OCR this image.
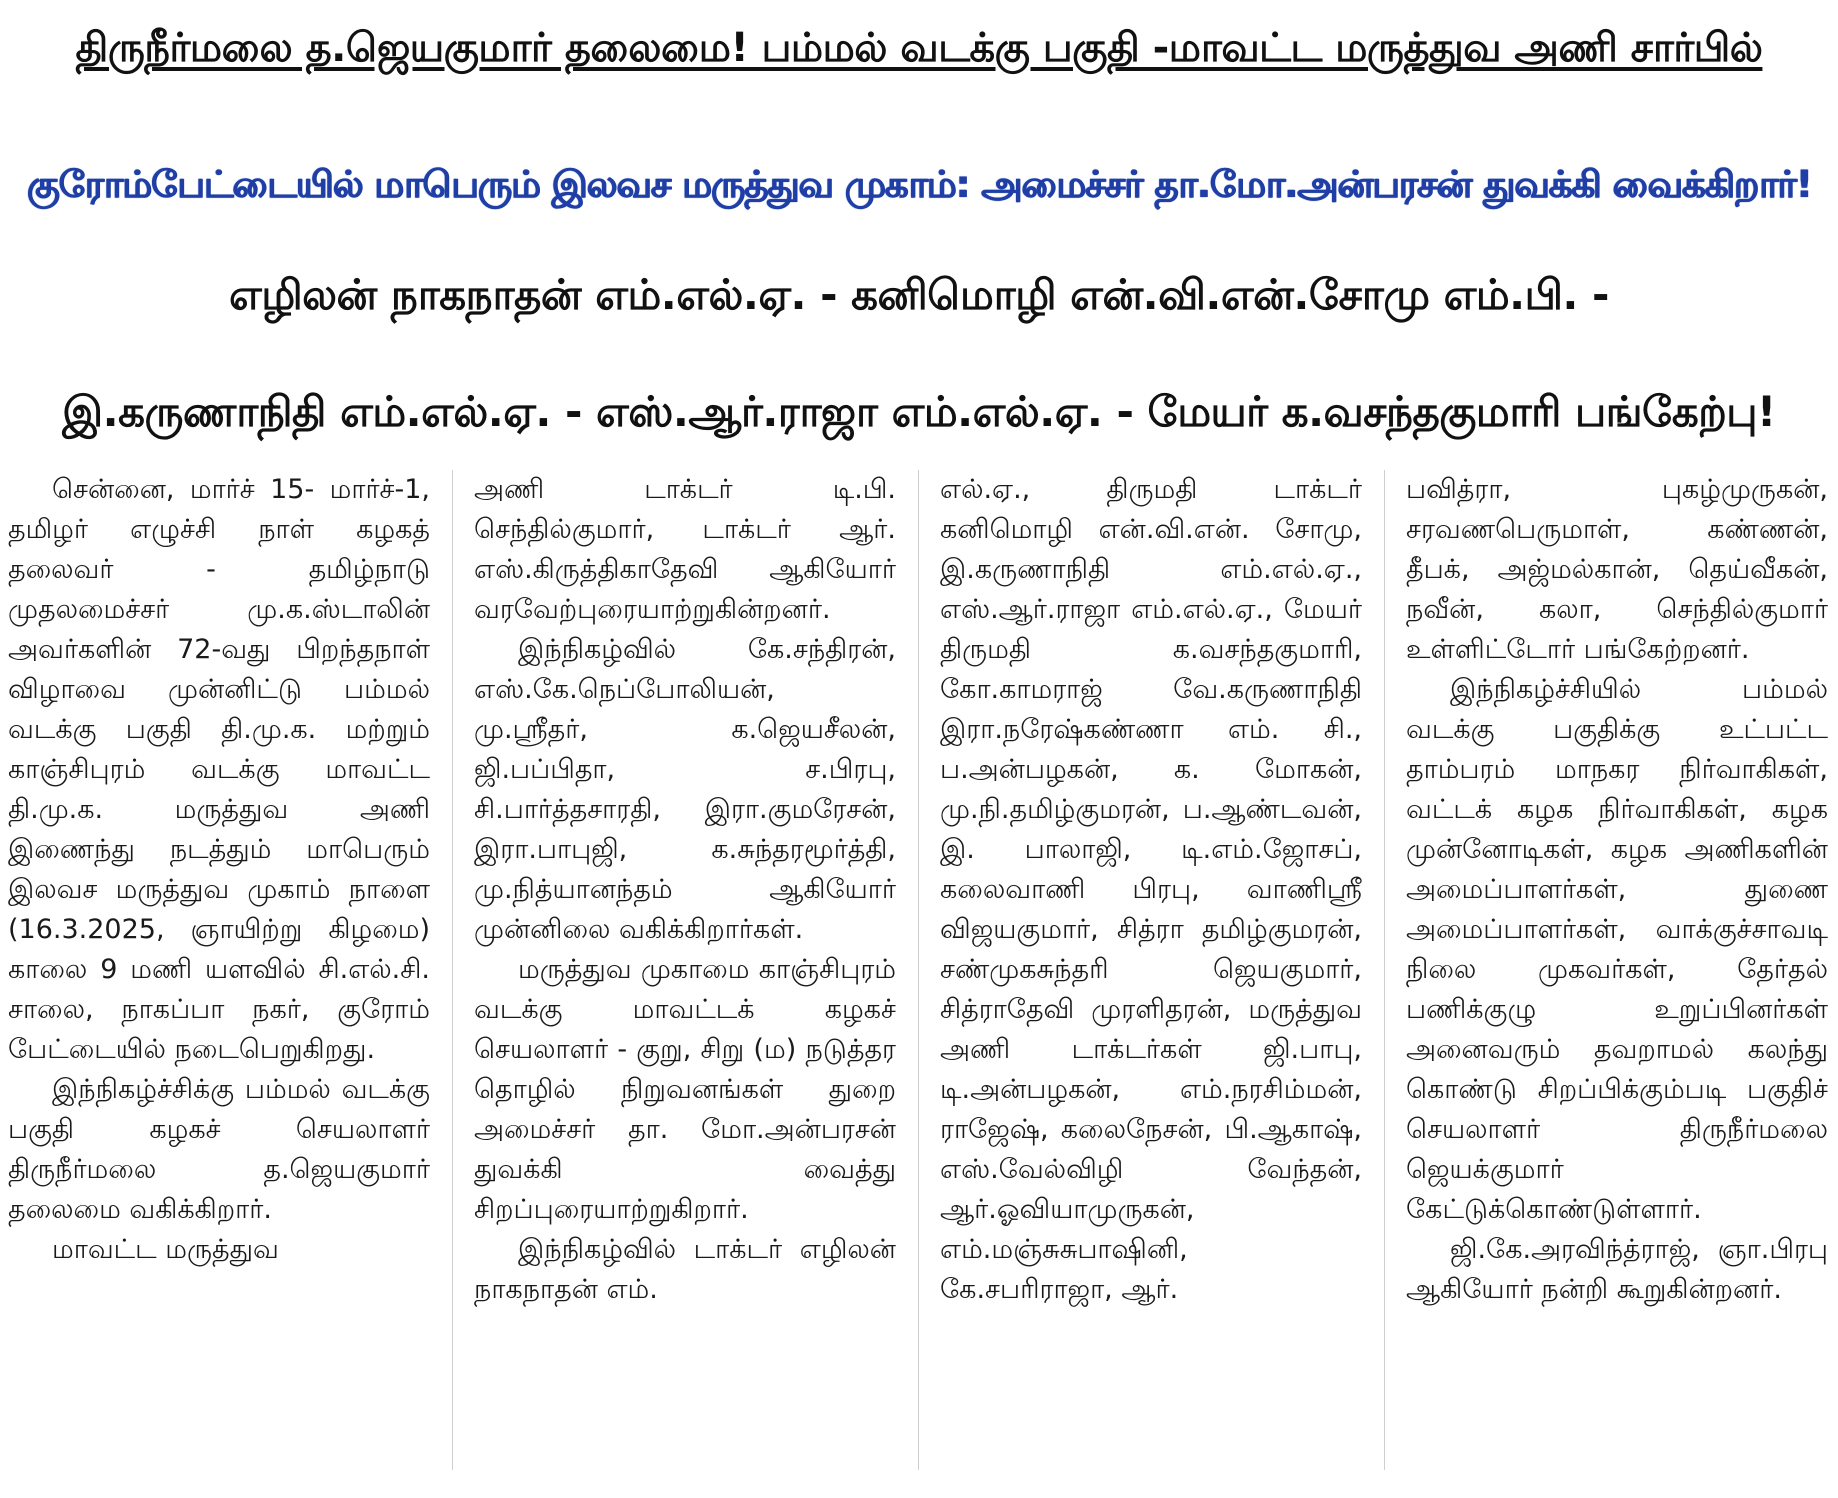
திருநீர்மலை த.ஜெயகுமார் தலைமை! பம்மல் வடக்கு பகுதி -மாவட்ட மருத்துவ அணி சார்பில்
குரோம்பேட்டையில் மாபெரும் இலவச மருத்துவ முகாம்: அமைச்சர் தா.மோ.அன்பரசன் துவக்கி வைக்கிறார்!
எழிலன் நாகநாதன் எம்.எல்.ஏ. - கனிமொழி என்.வி.என்.சோமு எம்.பி. -
இ.கருணாநிதி எம்.எல்.ஏ. - எஸ்.ஆர்.ராஜா எம்.எல்.ஏ. - மேயர் க.வசந்தகுமாரி பங்கேற்பு!

சென்னை, மார்ச் 15- மார்ச்-1, தமிழர் எழுச்சி நாள் கழகத் தலைவர் - தமிழ்நாடு முதலமைச்சர் மு.க.ஸ்டாலின் அவர்களின் 72-வது பிறந்தநாள் விழாவை முன்னிட்டு பம்மல் வடக்கு பகுதி தி.மு.க. மற்றும் காஞ்சிபுரம் வடக்கு மாவட்ட தி.மு.க. மருத்துவ அணி இணைந்து நடத்தும் மாபெரும் இலவச மருத்துவ முகாம் நாளை (16.3.2025, ஞாயிற்று கிழமை) காலை 9 மணி யளவில் சி.எல்.சி. சாலை, நாகப்பா நகர், குரோம் பேட்டையில் நடைபெறுகிறது.

இந்நிகழ்ச்சிக்கு பம்மல் வடக்கு பகுதி கழகச் செயலாளர் திருநீர்மலை த.ஜெயகுமார் தலைமை வகிக்கிறார்.

மாவட்ட மருத்துவ

அணி டாக்டர் டி.பி. செந்தில்குமார், டாக்டர் ஆர். எஸ்.கிருத்திகாதேவி ஆகியோர் வரவேற்புரையாற்றுகின்றனர்.

இந்நிகழ்வில் கே.சந்திரன், எஸ்.கே.நெப்போலியன், மு.ஸ்ரீதர், க.ஜெயசீலன், ஜி.பப்பிதா, ச.பிரபு, சி.பார்த்தசாரதி, இரா.குமரேசன், இரா.பாபுஜி, க.சுந்தரமூர்த்தி, மு.நித்யானந்தம் ஆகியோர் முன்னிலை வகிக்கிறார்கள்.

மருத்துவ முகாமை காஞ்சிபுரம் வடக்கு மாவட்டக் கழகச் செயலாளர் - குறு, சிறு (ம) நடுத்தர தொழில் நிறுவனங்கள் துறை அமைச்சர் தா. மோ.அன்பரசன் துவக்கி வைத்து சிறப்புரையாற்றுகிறார்.

இந்நிகழ்வில் டாக்டர் எழிலன் நாகநாதன் எம்.

எல்.ஏ., திருமதி டாக்டர் கனிமொழி என்.வி.என். சோமு, இ.கருணாநிதி எம்.எல்.ஏ., எஸ்.ஆர்.ராஜா எம்.எல்.ஏ., மேயர் திருமதி க.வசந்தகுமாரி, கோ.காமராஜ் வே.கருணாநிதி இரா.நரேஷ்கண்ணா எம். சி., ப.அன்பழகன், க. மோகன், மு.நி.தமிழ்குமரன், ப.ஆண்டவன், இ. பாலாஜி, டி.எம்.ஜோசப், கலைவாணி பிரபு, வாணிஸ்ரீ விஜயகுமார், சித்ரா தமிழ்குமரன், சண்முகசுந்தரி ஜெயகுமார், சித்ராதேவி முரளிதரன், மருத்துவ அணி டாக்டர்கள் ஜி.பாபு, டி.அன்பழகன், எம்.நரசிம்மன், ராஜேஷ், கலைநேசன், பி.ஆகாஷ், எஸ்.வேல்விழி வேந்தன், ஆர்.ஓவியாமுருகன், எம்.மஞ்சுசுபாஷினி, கே.சபரிராஜா, ஆர்.

பவித்ரா, புகழ்முருகன், சரவணபெருமாள், கண்ணன், தீபக், அஜ்மல்கான், தெய்வீகன், நவீன், கலா, செந்தில்குமார் உள்ளிட்டோர் பங்கேற்றனர்.

இந்நிகழ்ச்சியில் பம்மல் வடக்கு பகுதிக்கு உட்பட்ட தாம்பரம் மாநகர நிர்வாகிகள், வட்டக் கழக நிர்வாகிகள், கழக முன்னோடிகள், கழக அணிகளின் அமைப்பாளர்கள், துணை அமைப்பாளர்கள், வாக்குச்சாவடி நிலை முகவர்கள், தேர்தல் பணிக்குழு உறுப்பினர்கள் அனைவரும் தவறாமல் கலந்து கொண்டு சிறப்பிக்கும்படி பகுதிச் செயலாளர் திருநீர்மலை ஜெயக்குமார் கேட்டுக்கொண்டுள்ளார்.

ஜி.கே.அரவிந்த்ராஜ், ஞா.பிரபு ஆகியோர் நன்றி கூறுகின்றனர்.
